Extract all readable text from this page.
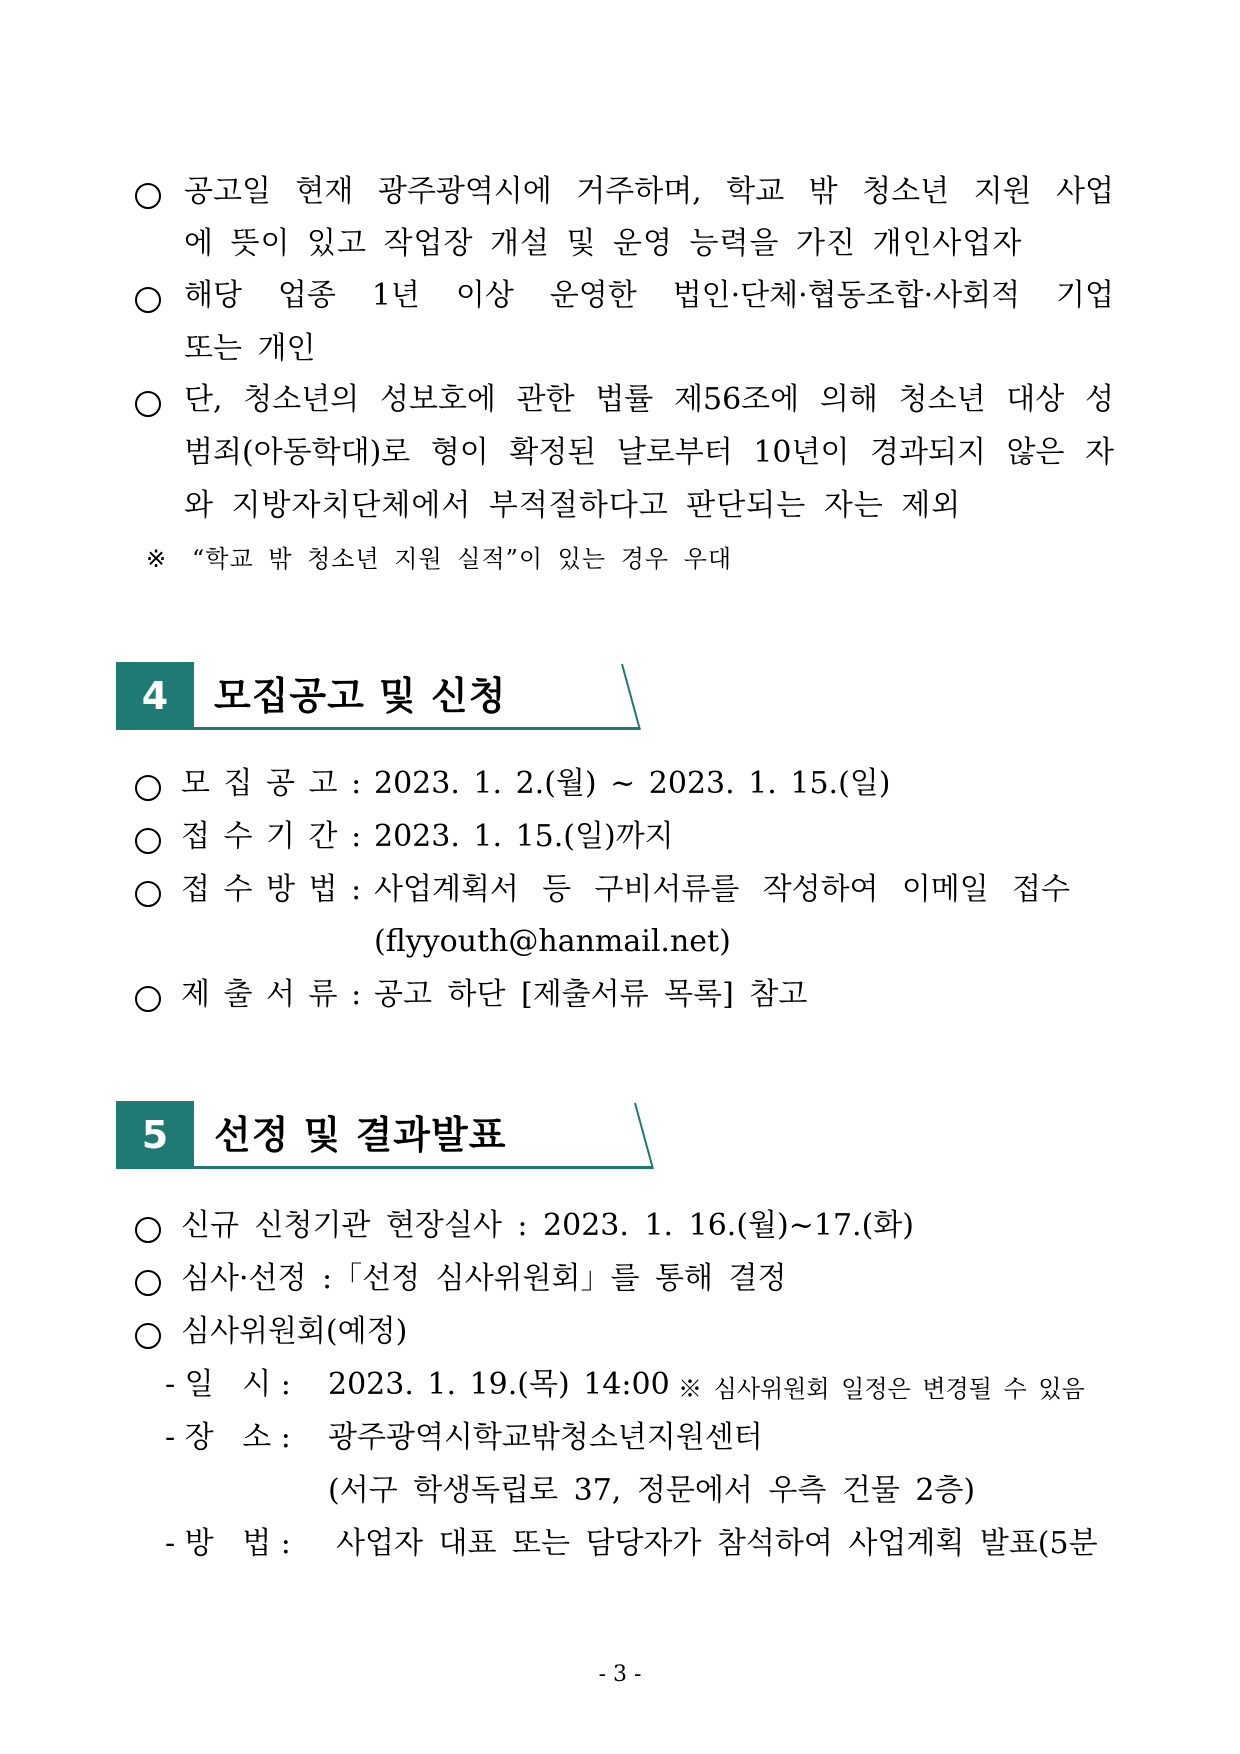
공고일 현재 광주광역시에 거주하며, 학교 밖 청소년 지원 사업
에 뜻이 있고 작업장 개설 및 운영 능력을 가진 개인사업자
해당 업종 1년 이상 운영한 법인·단체·협동조합·사회적 기업
또는 개인
단, 청소년의 성보호에 관한 법률 제56조에 의해 청소년 대상 성
범죄(아동학대)로 형이 확정된 날로부터 10년이 경과되지 않은 자
와 지방자치단체에서 부적절하다고 판단되는 자는 제외
※ “학교 밖 청소년 지원 실적”이 있는 경우 우대
4	모집공고 및 신청
모 집 공 고 : 2023. 1. 2.(월) ~ 2023. 1. 15.(일)
접 수 기 간 : 2023. 1. 15.(일)까지
접 수 방 법 : 사업계획서 등 구비서류를 작성하여 이메일 접수
(flyyouth@hanmail.net)
제 출 서 류 : 공고 하단 [제출서류 목록] 참고
5	선정 및 결과발표
신규 신청기관 현장실사 : 2023. 1. 16.(월)~17.(화)
심사·선정 :「선정 심사위원회」를 통해 결정
심사위원회(예정)
- 일   시 : 2023. 1. 19.(목) 14:00 ※ 심사위원회 일정은 변경될 수 있음
- 장   소 : 광주광역시학교밖청소년지원센터
(서구 학생독립로 37, 정문에서 우측 건물 2층)
- 방   법 : 사업자 대표 또는 담당자가 참석하여 사업계획 발표(5분
- 3 -
